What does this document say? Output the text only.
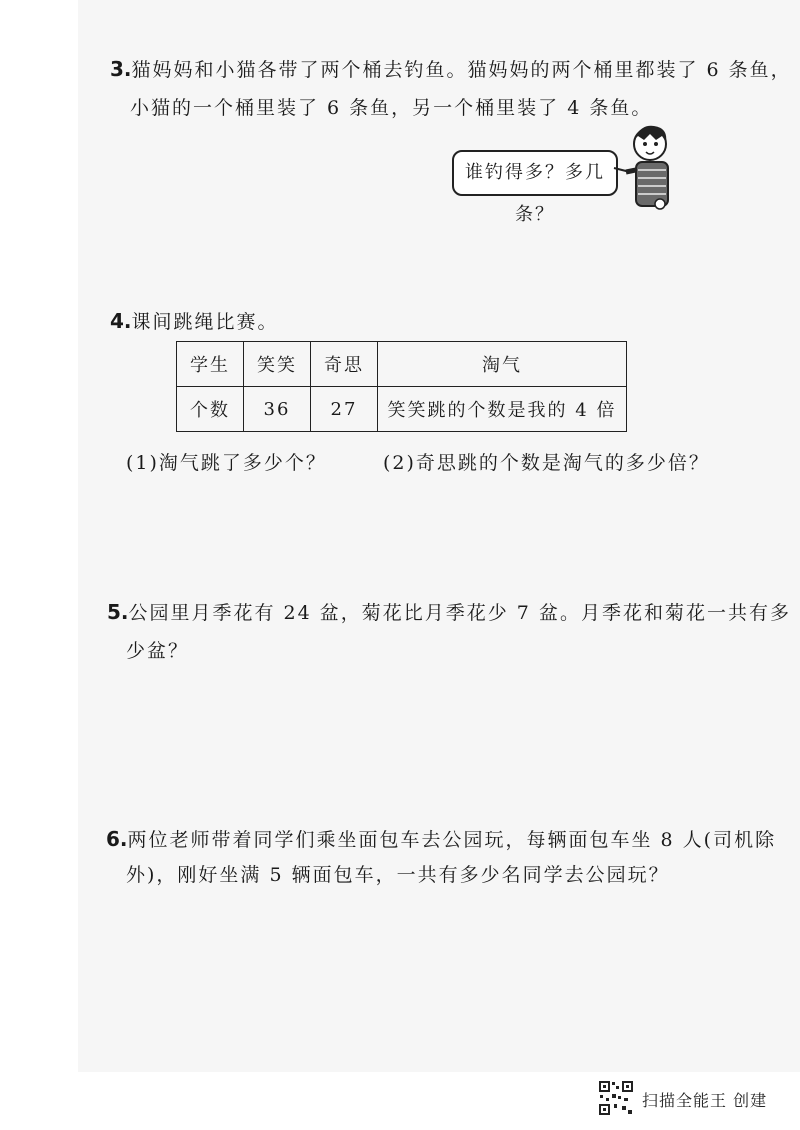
3.猫妈妈和小猫各带了两个桶去钓鱼。猫妈妈的两个桶里都装了 6 条鱼，
小猫的一个桶里装了 6 条鱼，另一个桶里装了 4 条鱼。
谁钓得多？多几条？
4.课间跳绳比赛。
学生	笑笑	奇思	淘气
个数	36	27	笑笑跳的个数是我的 4 倍
(1)淘气跳了多少个？	(2)奇思跳的个数是淘气的多少倍？
5.公园里月季花有 24 盆，菊花比月季花少 7 盆。月季花和菊花一共有多
少盆？
6.两位老师带着同学们乘坐面包车去公园玩，每辆面包车坐 8 人(司机除
外)，刚好坐满 5 辆面包车，一共有多少名同学去公园玩？
扫描全能王 创建
